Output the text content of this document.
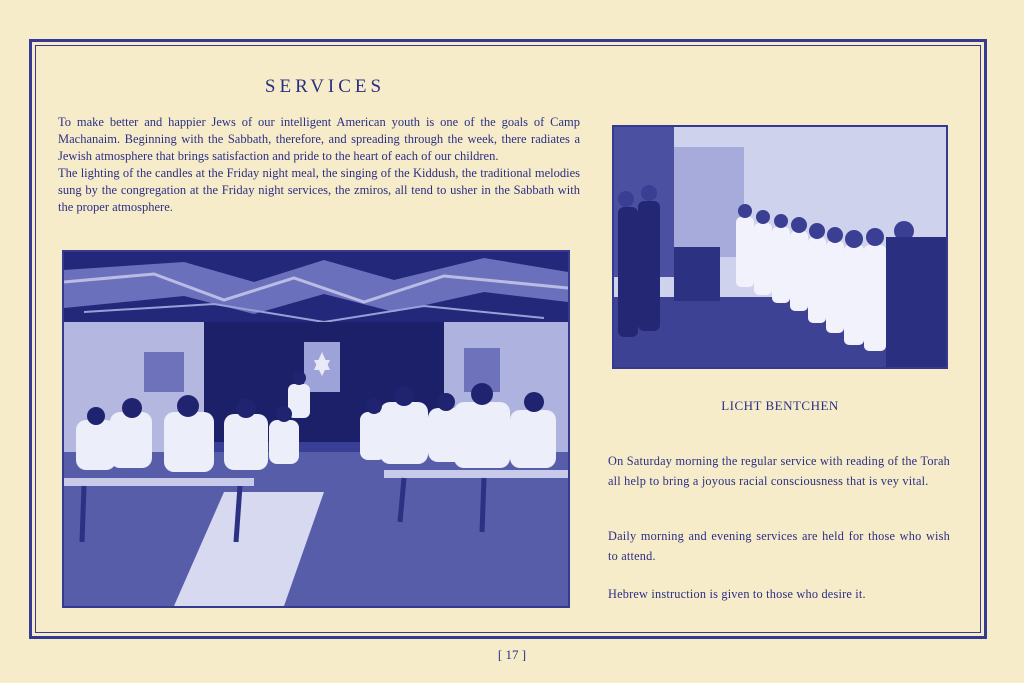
SERVICES

To make better and happier Jews of our intelligent American youth is one of the goals of Camp Machanaim. Beginning with the Sabbath, therefore, and spreading through the week, there radiates a Jewish atmosphere that brings satisfaction and pride to the heart of each of our children.

The lighting of the candles at the Friday night meal, the singing of the Kiddush, the traditional melodies sung by the congregation at the Friday night services, the zmiros, all tend to usher in the Sabbath with the proper atmosphere.

LICHT BENTCHEN

On Saturday morning the regular service with reading of the Torah all help to bring a joyous racial consciousness that is vey vital.

Daily morning and evening services are held for those who wish to attend.

Hebrew instruction is given to those who desire it.

[ 17 ]
